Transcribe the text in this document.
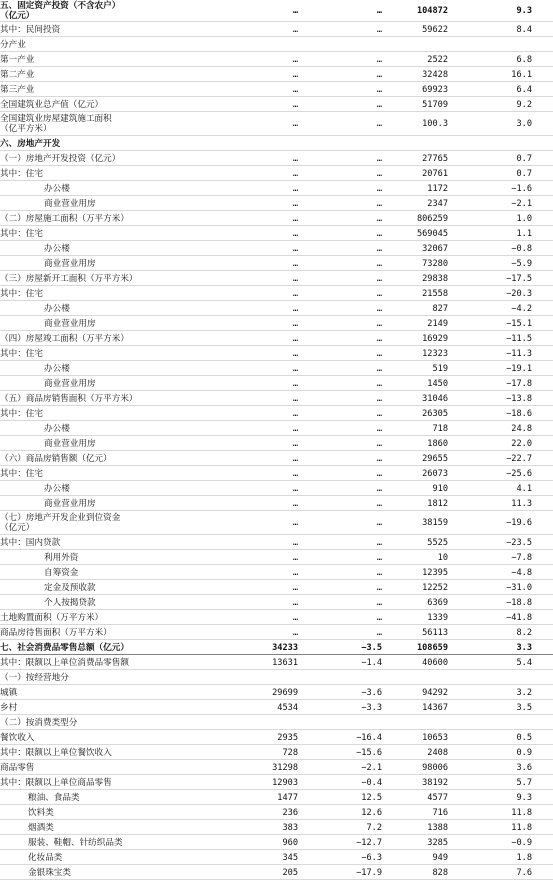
五、固定资产投资（不含农户）
（亿元）	…	…	104872	9.3
其中：民间投资	…	…	59622	8.4
分产业
第一产业	…	…	2522	6.8
第二产业	…	…	32428	16.1
第三产业	…	…	69923	6.4
全国建筑业总产值（亿元）	…	…	51709	9.2
全国建筑业房屋建筑施工面积
（亿平方米）	…	…	100.3	3.0
六、房地产开发
（一）房地产开发投资（亿元）	…	…	27765	0.7
其中：住宅	…	…	20761	0.7
办公楼	…	…	1172	−1.6
商业营业用房	…	…	2347	−2.1
（二）房屋施工面积（万平方米）	…	…	806259	1.0
其中：住宅	…	…	569045	1.1
办公楼	…	…	32067	−0.8
商业营业用房	…	…	73280	−5.9
（三）房屋新开工面积（万平方米）	…	…	29838	−17.5
其中：住宅	…	…	21558	−20.3
办公楼	…	…	827	−4.2
商业营业用房	…	…	2149	−15.1
（四）房屋竣工面积（万平方米）	…	…	16929	−11.5
其中：住宅	…	…	12323	−11.3
办公楼	…	…	519	−19.1
商业营业用房	…	…	1450	−17.8
（五）商品房销售面积（万平方米）	…	…	31046	−13.8
其中：住宅	…	…	26305	−18.6
办公楼	…	…	718	24.8
商业营业用房	…	…	1860	22.0
（六）商品房销售额（亿元）	…	…	29655	−22.7
其中：住宅	…	…	26073	−25.6
办公楼	…	…	910	4.1
商业营业用房	…	…	1812	11.3
（七）房地产开发企业到位资金
（亿元）	…	…	38159	−19.6
其中：国内贷款	…	…	5525	−23.5
利用外资	…	…	10	−7.8
自筹资金	…	…	12395	−4.8
定金及预收款	…	…	12252	−31.0
个人按揭贷款	…	…	6369	−18.8
土地购置面积（万平方米）	…	…	1339	−41.8
商品房待售面积（万平方米）	…	…	56113	8.2
七、社会消费品零售总额（亿元）	34233	−3.5	108659	3.3
其中：限额以上单位消费品零售额	13631	−1.4	40600	5.4
（一）按经营地分
城镇	29699	−3.6	94292	3.2
乡村	4534	−3.3	14367	3.5
（二）按消费类型分
餐饮收入	2935	−16.4	10653	0.5
其中：限额以上单位餐饮收入	728	−15.6	2408	0.9
商品零售	31298	−2.1	98006	3.6
其中：限额以上单位商品零售	12903	−0.4	38192	5.7
粮油、食品类	1477	12.5	4577	9.3
饮料类	236	12.6	716	11.8
烟酒类	383	7.2	1388	11.8
服装、鞋帽、针纺织品类	960	−12.7	3285	−0.9
化妆品类	345	−6.3	949	1.8
金银珠宝类	205	−17.9	828	7.6
